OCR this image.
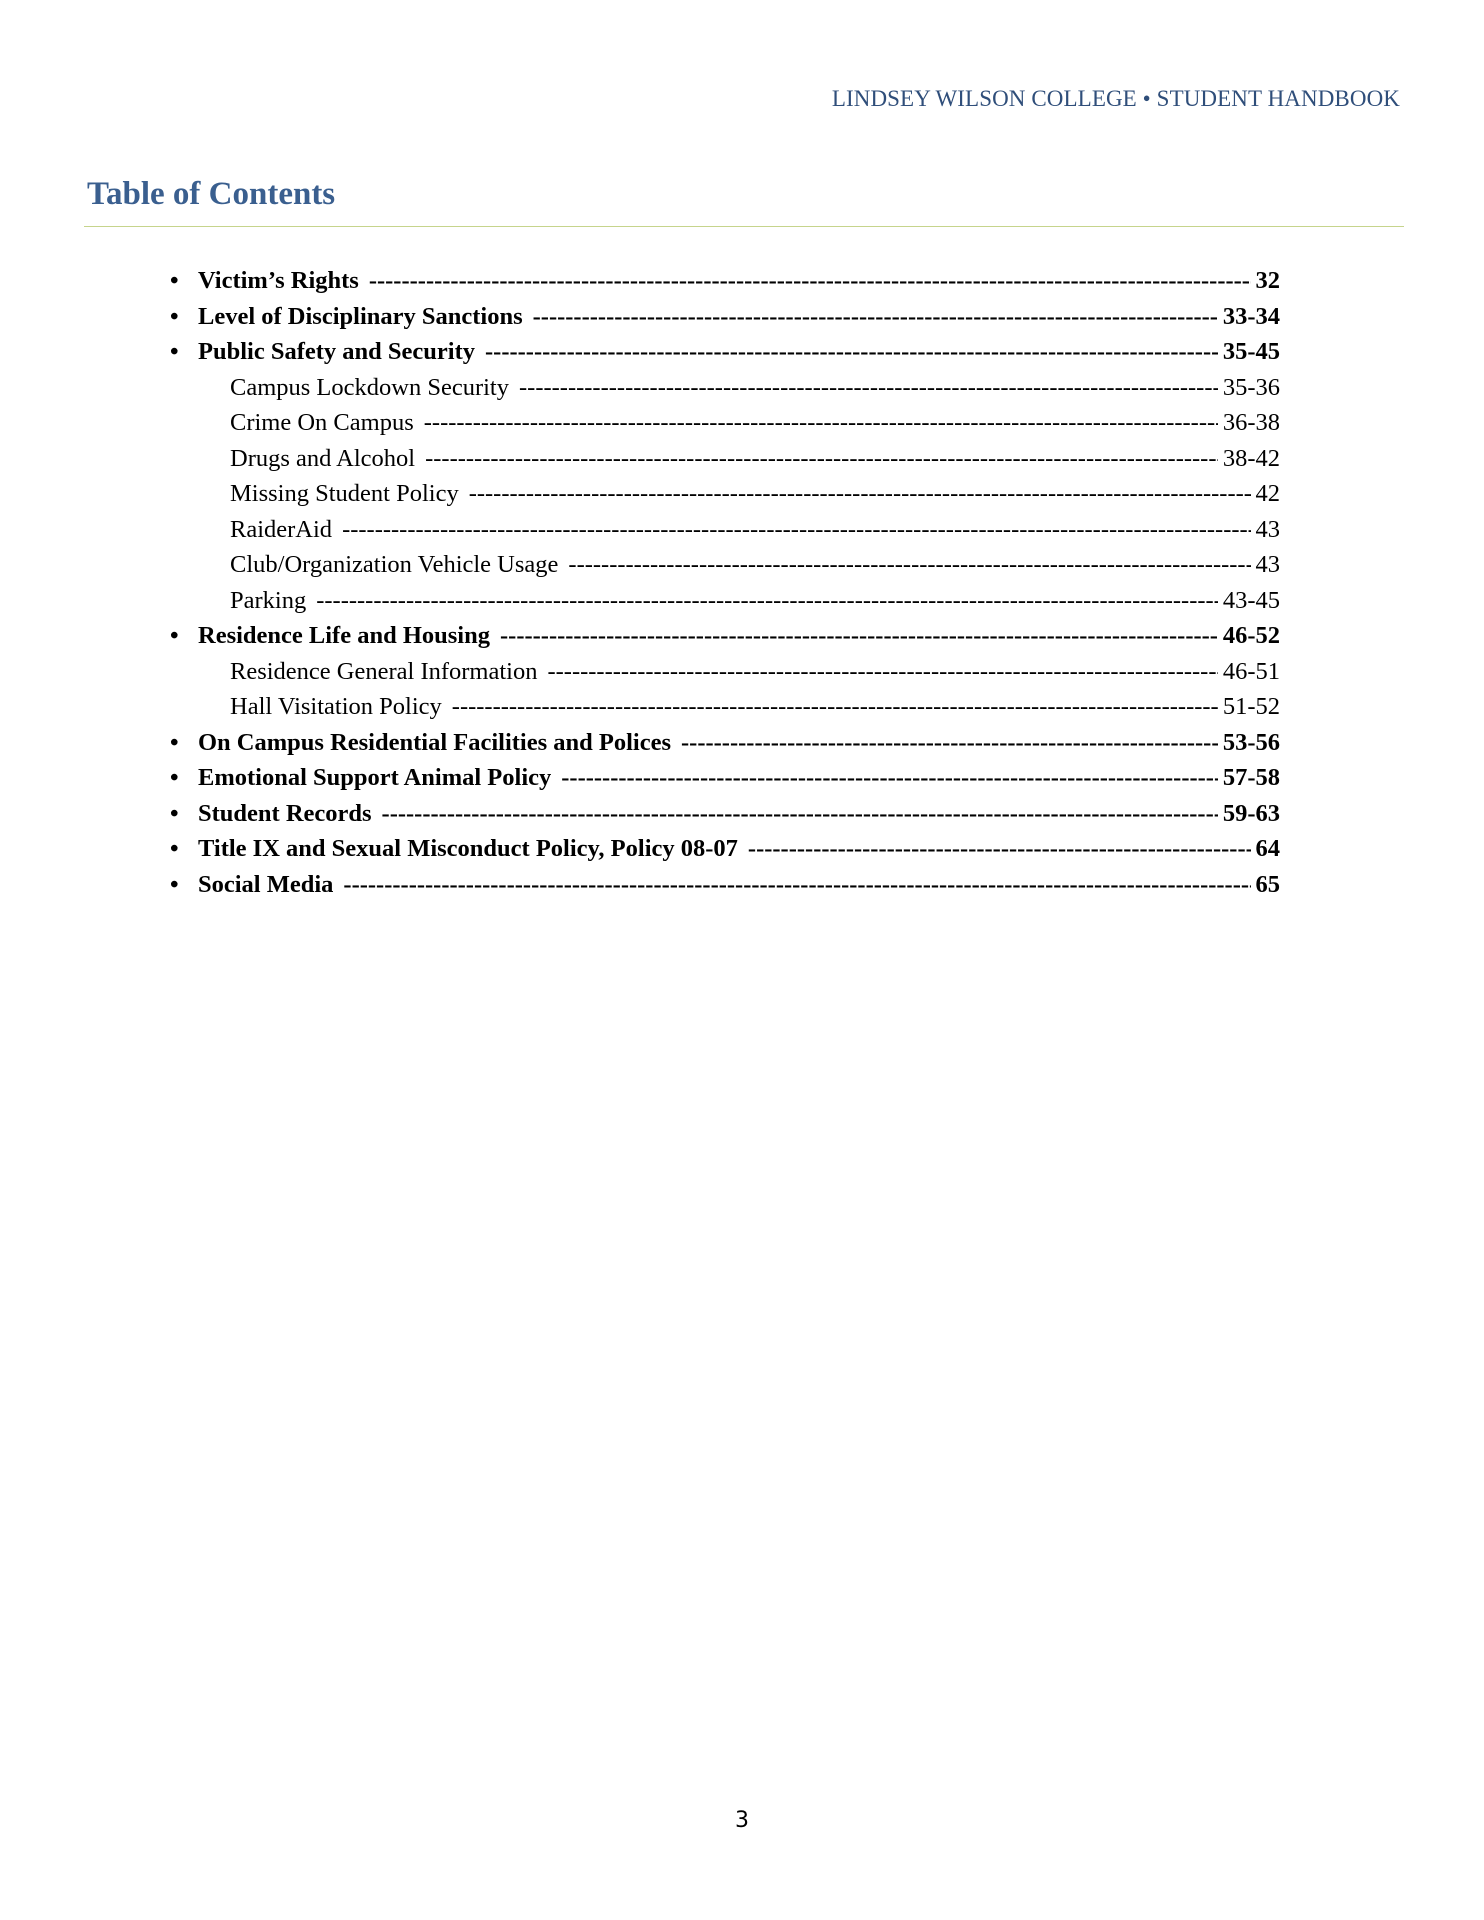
LINDSEY WILSON COLLEGE • STUDENT HANDBOOK
Table of Contents
•
Victim’s Rights -----	32
•
Level of Disciplinary Sanctions -----	33-34
•
Public Safety and Security -----	35-45
Campus Lockdown Security -----	35-36
Crime On Campus -----	36-38
Drugs and Alcohol -----	38-42
Missing Student Policy -----	42
RaiderAid -----	43
Club/Organization Vehicle Usage -----	43
Parking -----	43-45
•
Residence Life and Housing -----	46-52
Residence General Information -----	46-51
Hall Visitation Policy -----	51-52
•
On Campus Residential Facilities and Polices -----	53-56
•
Emotional Support Animal Policy -----	57-58
•
Student Records -----	59-63
•
Title IX and Sexual Misconduct Policy, Policy 08-07 -----	64
•
Social Media -----	65
3
